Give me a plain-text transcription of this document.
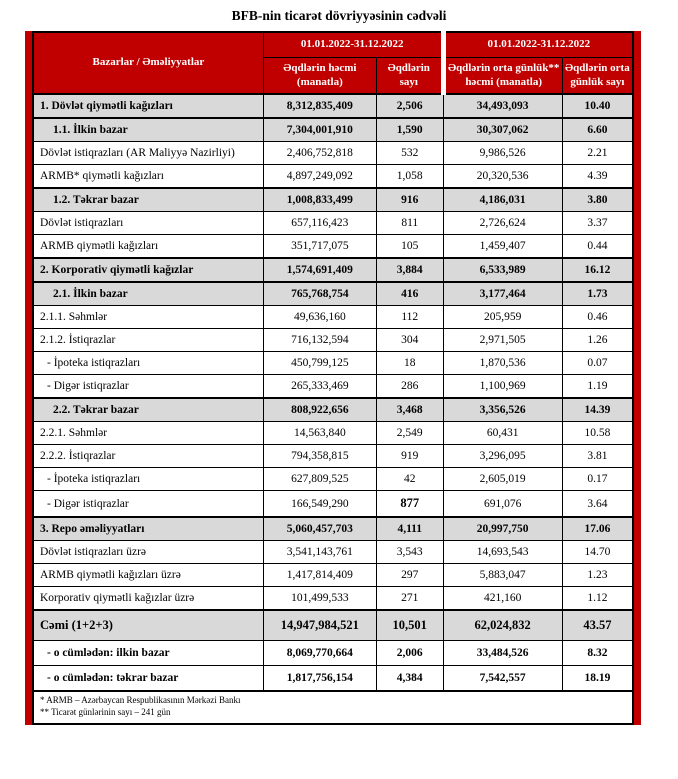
BFB-nin ticarət dövriyyəsinin cədvəli
Bazarlar / Əməliyyatlar	01.01.2022-31.12.2022		01.01.2022-31.12.2022	
	Əqdlərin həcmi (manatla)	Əqdlərin sayı	Əqdlərin orta günlük** həcmi (manatla)	Əqdlərin orta günlük sayı
1. Dövlət qiymətli kağızları	8,312,835,409	2,506	34,493,093	10.40
1.1. İlkin bazar	7,304,001,910	1,590	30,307,062	6.60
Dövlət istiqrazları (AR Maliyyə Nazirliyi)	2,406,752,818	532	9,986,526	2.21
ARMB* qiymətli kağızları	4,897,249,092	1,058	20,320,536	4.39
1.2. Təkrar bazar	1,008,833,499	916	4,186,031	3.80
Dövlət istiqrazları	657,116,423	811	2,726,624	3.37
ARMB qiymətli kağızları	351,717,075	105	1,459,407	0.44
2. Korporativ qiymətli kağızlar	1,574,691,409	3,884	6,533,989	16.12
2.1. İlkin bazar	765,768,754	416	3,177,464	1.73
2.1.1. Səhmlər	49,636,160	112	205,959	0.46
2.1.2. İstiqrazlar	716,132,594	304	2,971,505	1.26
- İpoteka istiqrazları	450,799,125	18	1,870,536	0.07
- Digər istiqrazlar	265,333,469	286	1,100,969	1.19
2.2. Təkrar bazar	808,922,656	3,468	3,356,526	14.39
2.2.1. Səhmlər	14,563,840	2,549	60,431	10.58
2.2.2. İstiqrazlar	794,358,815	919	3,296,095	3.81
- İpoteka istiqrazları	627,809,525	42	2,605,019	0.17
- Digər istiqrazlar	166,549,290	877	691,076	3.64
3. Repo əməliyyatları	5,060,457,703	4,111	20,997,750	17.06
Dövlət istiqrazları üzrə	3,541,143,761	3,543	14,693,543	14.70
ARMB qiymətli kağızları üzrə	1,417,814,409	297	5,883,047	1.23
Korporativ qiymətli kağızlar üzrə	101,499,533	271	421,160	1.12
Cəmi (1+2+3)	14,947,984,521	10,501	62,024,832	43.57
- o cümlədən: ilkin bazar	8,069,770,664	2,006	33,484,526	8.32
- o cümlədən: təkrar bazar	1,817,756,154	4,384	7,542,557	18.19
* ARMB – Azərbaycan Respublikasının Mərkəzi Bankı
** Ticarət günlərinin sayı – 241 gün
